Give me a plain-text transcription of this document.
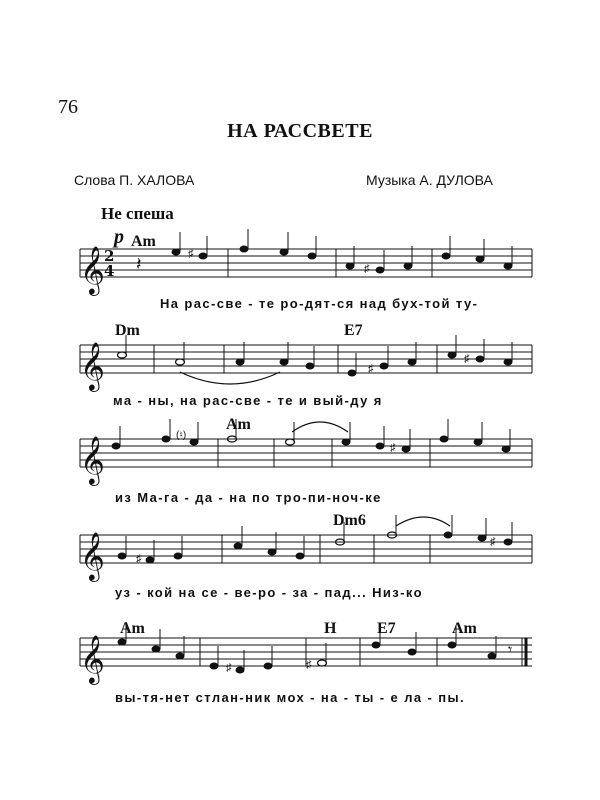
76
НА РАССВЕТЕ
Слова П. ХАЛОВА	Музыка А. ДУЛОВА
Не спеша
p Am
Dm	E7
Am
Dm6
Am	H	E7	Am
На рас-све - те ро-дят-ся над бух-той ту-
ма - ны, на рас-све - те и вый-ду я
из Ма-га - да - на по тро-пи-ноч-ке
уз - кой на се - ве-ро - за - пад... Низ-ко
вы-тя-нет стлан-ник мох - на - ты - е ла - пы.
𝄞
𝄞
𝄞
𝄞
𝄞
2
4 𝄽
𝄾
♯
♯
♯
♯
(♮)
♯
♯
♯
♯	♯
